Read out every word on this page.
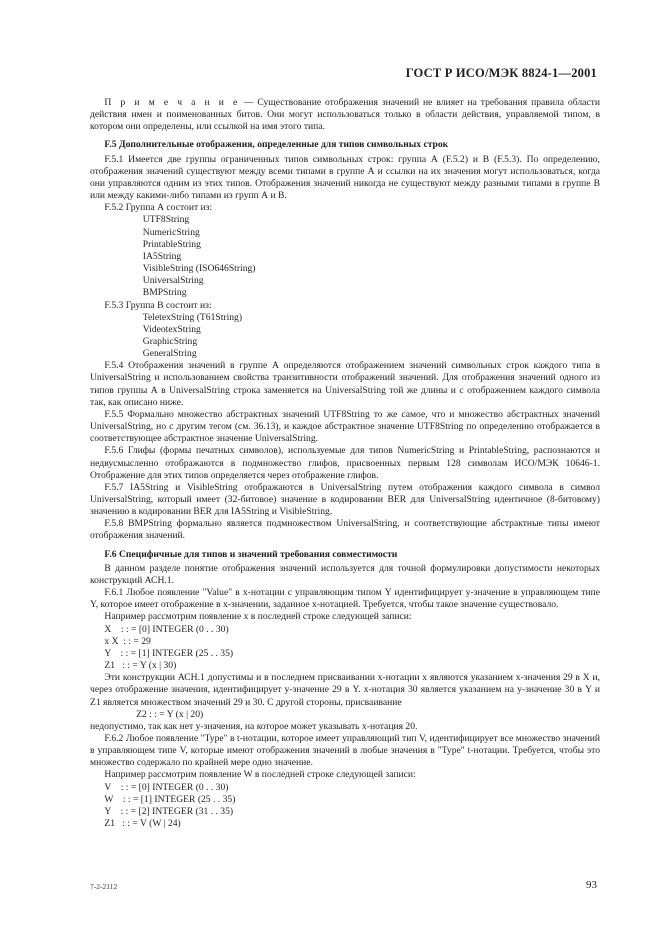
ГОСТ Р ИСО/МЭК 8824-1—2001

П р и м е ч а н и е — Существование отображения значений не влияет на требования правила области действия имен и поименованных битов. Они могут использоваться только в области действия, управляемой типом, в котором они определены, или ссылкой на имя этого типа.

F.5 Дополнительные отображения, определенные для типов символьных строк

F.5.1 Имеется две группы ограниченных типов символьных строк: группа А (F.5.2) и В (F.5.3). По определению, отображения значений существуют между всеми типами в группе А и ссылки на их значения могут использоваться, когда они управляются одним из этих типов. Отображения значений никогда не существуют между разными типами в группе В или между какими-либо типами из групп А и В.

F.5.2 Группа А состоит из:

UTF8String

NumericString

PrintableString

IA5String

VisibleString (ISO646String)

UniversalString

BMPString

F.5.3 Группа В состоит из:

TeletexString (T61String)

VideotexString

GraphicString

GeneralString

F.5.4 Отображения значений в группе А определяются отображением значений символьных строк каждого типа в UniversalString и использованием свойства транзитивности отображений значений. Для отображения значений одного из типов группы А в UniversalString строка заменяется на UniversalString той же длины и с отображением каждого символа так, как описано ниже.

F.5.5 Формально множество абстрактных значений UTF8String то же самое, что и множество абстрактных значений UniversalString, но с другим тегом (см. 36.13), и каждое абстрактное значение UTF8String по определению отображается в соответствующее абстрактное значение UniversalString.

F.5.6 Глифы (формы печатных символов), используемые для типов NumericString и PrintableString, распознаются и недвусмысленно отображаются в подмножество глифов, присвоенных первым 128 символам ИСО/МЭК 10646-1. Отображение для этих типов определяется через отображение глифов.

F.5.7 IA5String и VisibleString отображаются в UniversalString путем отображения каждого символа в символ UniversalString, который имеет (32-битовое) значение в кодировании BER для UniversalString идентичное (8-битовому) значению в кодировании BER для IA5String и VisibleString.

F.5.8 BMPString формально является подмножеством UniversalString, и соответствующие абстрактные типы имеют отображения значений.

F.6 Специфичные для типов и значений требования совместимости

В данном разделе понятие отображения значений используется для точной формулировки допустимости некоторых конструкций АСН.1.

F.6.1 Любое появление "Value" в x-нотации с управляющим типом Y идентифицирует y-значение в управляющем типе Y, которое имеет отображение в x-значении, заданное x-нотацией. Требуется, чтобы такое значение существовало.

Например рассмотрим появление x в последней строке следующей записи:

X    : : = [0] INTEGER (0 . . 30)

x X  : : = 29

Y    : : = [1] INTEGER (25 . . 35)

Z1   : : = Y (x | 30)

Эти конструкции АСН.1 допустимы и в последнем присваивании x-нотации x являются указанием x-значения 29 в X и, через отображение значения, идентифицирует y-значение 29 в Y. x-нотация 30 является указанием на y-значение 30 в Y и Z1 является множеством значений 29 и 30. С другой стороны, присваивание

Z2 : : = Y (x | 20)

недопустимо, так как нет y-значения, на которое может указывать x-нотация 20.

F.6.2 Любое появление "Type" в t-нотации, которое имеет управляющий тип V, идентифицирует все множество значений в управляющем типе V, которые имеют отображения значений в любые значения в "Type" t-нотации. Требуется, чтобы это множество содержало по крайней мере одно значение.

Например рассмотрим появление W в последней строке следующей записи:

V    : : = [0] INTEGER (0 . . 30)

W    : : = [1] INTEGER (25 . . 35)

Y    : : = [2] INTEGER (31 . . 35)

Z1   : : = V (W | 24)

7-2-2112	93
